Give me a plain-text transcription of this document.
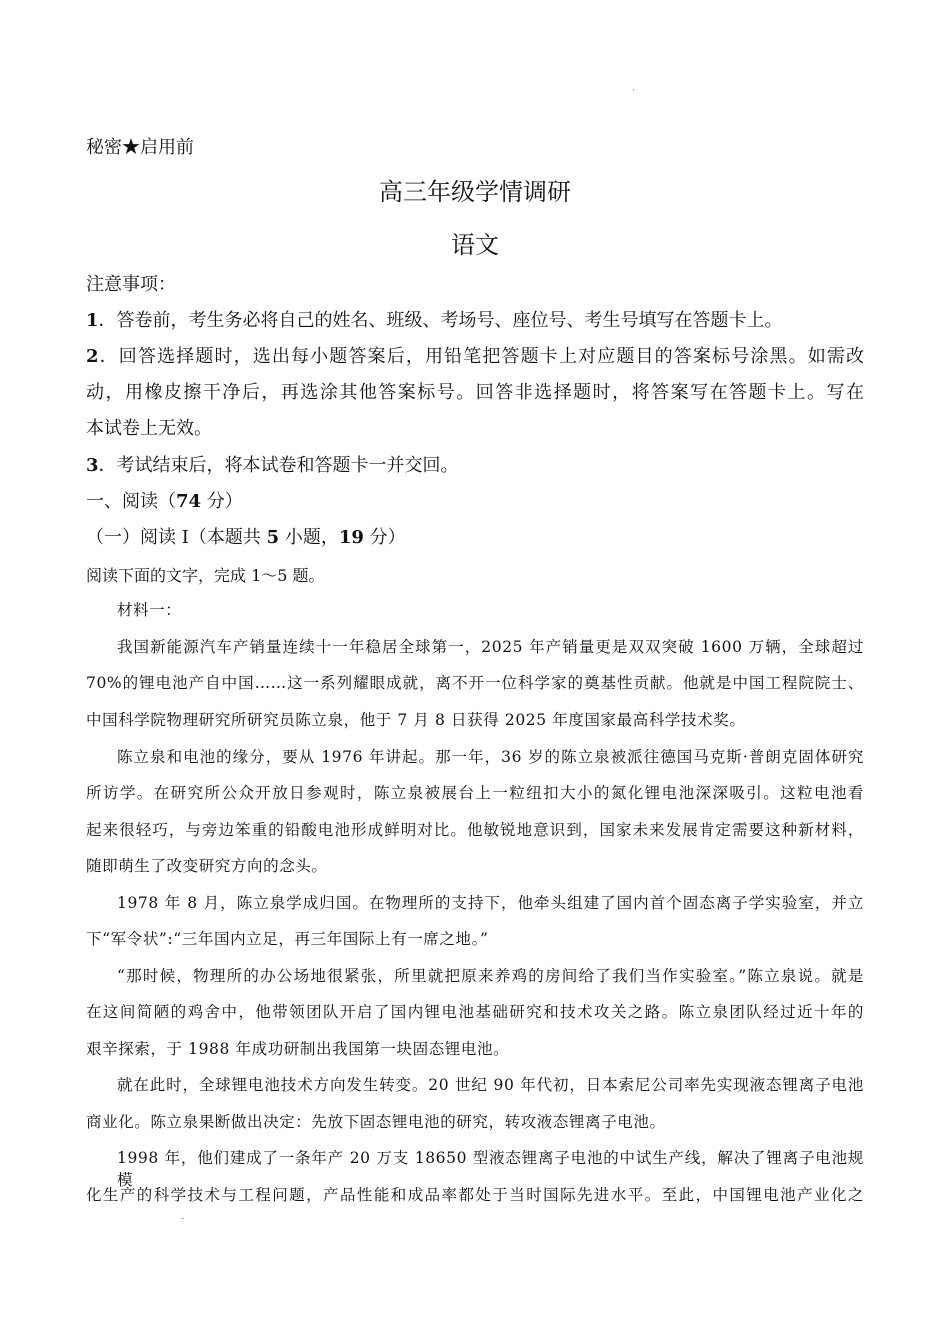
·
秘密★启用前
高三年级学情调研
语文
注意事项：
1．答卷前，考生务必将自己的姓名、班级、考场号、座位号、考生号填写在答题卡上。
2．回答选择题时，选出每小题答案后，用铅笔把答题卡上对应题目的答案标号涂黑。如需改
动，用橡皮擦干净后，再选涂其他答案标号。回答非选择题时，将答案写在答题卡上。写在
本试卷上无效。
3．考试结束后，将本试卷和答题卡一并交回。
一、阅读（74 分）
（一）阅读 I（本题共 5 小题，19 分）
阅读下面的文字，完成 1～5 题。
材料一：
我国新能源汽车产销量连续十一年稳居全球第一，2025 年产销量更是双双突破 1600 万辆，全球超过
70%的锂电池产自中国……这一系列耀眼成就，离不开一位科学家的奠基性贡献。他就是中国工程院院士、
中国科学院物理研究所研究员陈立泉，他于 7 月 8 日获得 2025 年度国家最高科学技术奖。
陈立泉和电池的缘分，要从 1976 年讲起。那一年，36 岁的陈立泉被派往德国马克斯·普朗克固体研究
所访学。在研究所公众开放日参观时，陈立泉被展台上一粒纽扣大小的氮化锂电池深深吸引。这粒电池看
起来很轻巧，与旁边笨重的铅酸电池形成鲜明对比。他敏锐地意识到，国家未来发展肯定需要这种新材料，
随即萌生了改变研究方向的念头。
1978 年 8 月，陈立泉学成归国。在物理所的支持下，他牵头组建了国内首个固态离子学实验室，并立
下“军令状”:“三年国内立足，再三年国际上有一席之地。”
“那时候，物理所的办公场地很紧张，所里就把原来养鸡的房间给了我们当作实验室。”陈立泉说。就是
在这间简陋的鸡舍中，他带领团队开启了国内锂电池基础研究和技术攻关之路。陈立泉团队经过近十年的
艰辛探索，于 1988 年成功研制出我国第一块固态锂电池。
就在此时，全球锂电池技术方向发生转变。20 世纪 90 年代初，日本索尼公司率先实现液态锂离子电池
商业化。陈立泉果断做出决定：先放下固态锂电池的研究，转攻液态锂离子电池。
1998 年，他们建成了一条年产 20 万支 18650 型液态锂离子电池的中试生产线，解决了锂离子电池规模
化生产的科学技术与工程问题，产品性能和成品率都处于当时国际先进水平。至此，中国锂电池产业化之
-
